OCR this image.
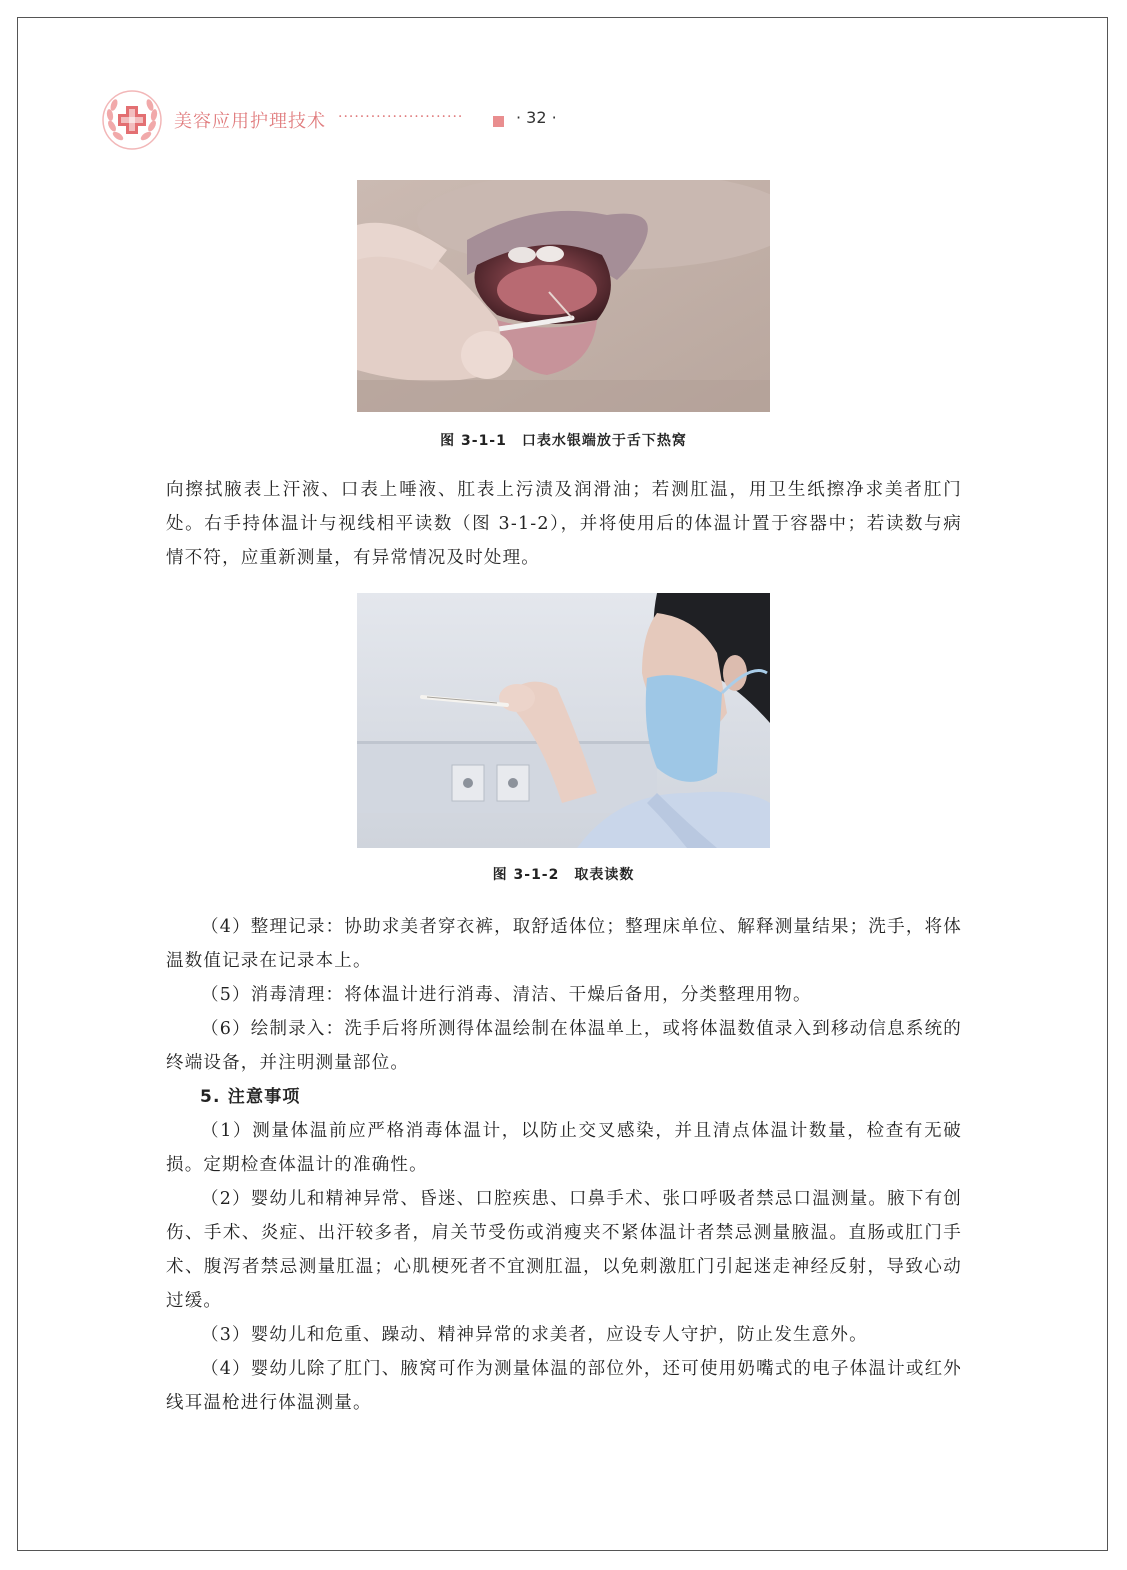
美容应用护理技术 ·······················	· 32 ·
图 3-1-1　口表水银端放于舌下热窝

向擦拭腋表上汗液、口表上唾液、肛表上污渍及润滑油；若测肛温，用卫生纸擦净求美者肛门处。右手持体温计与视线相平读数（图 3-1-2），并将使用后的体温计置于容器中；若读数与病情不符，应重新测量，有异常情况及时处理。

图 3-1-2　取表读数

（4）整理记录：协助求美者穿衣裤，取舒适体位；整理床单位、解释测量结果；洗手，将体温数值记录在记录本上。

（5）消毒清理：将体温计进行消毒、清洁、干燥后备用，分类整理用物。

（6）绘制录入：洗手后将所测得体温绘制在体温单上，或将体温数值录入到移动信息系统的终端设备，并注明测量部位。

5. 注意事项

（1）测量体温前应严格消毒体温计，以防止交叉感染，并且清点体温计数量，检查有无破损。定期检查体温计的准确性。

（2）婴幼儿和精神异常、昏迷、口腔疾患、口鼻手术、张口呼吸者禁忌口温测量。腋下有创伤、手术、炎症、出汗较多者，肩关节受伤或消瘦夹不紧体温计者禁忌测量腋温。直肠或肛门手术、腹泻者禁忌测量肛温；心肌梗死者不宜测肛温，以免刺激肛门引起迷走神经反射，导致心动过缓。

（3）婴幼儿和危重、躁动、精神异常的求美者，应设专人守护，防止发生意外。

（4）婴幼儿除了肛门、腋窝可作为测量体温的部位外，还可使用奶嘴式的电子体温计或红外线耳温枪进行体温测量。
